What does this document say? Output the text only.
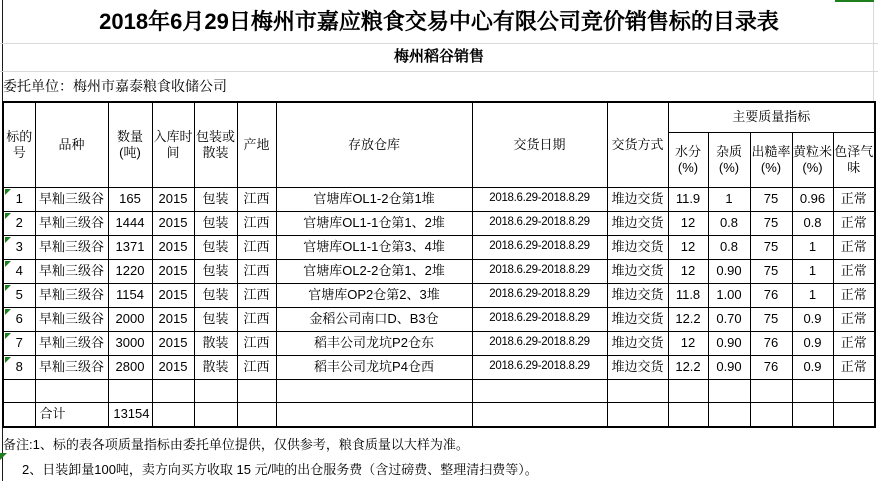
2018年6月29日梅州市嘉应粮食交易中心有限公司竞价销售标的目录表
梅州稻谷销售
委托单位：梅州市嘉泰粮食收储公司
标的号	品种	数量(吨)	入库时间	包装或散装	产地	存放仓库	交货日期	交货方式	主要质量指标				
									水分(%)	杂质(%)	出糙率(%)	黄粒米(%)	色泽气味

1	早籼三级谷	165	2015	包装	江西	官塘库OL1-2仓第1堆	2018.6.29-2018.8.29	堆边交货	11.9	1	75	0.96	正常

2	早籼三级谷	1444	2015	包装	江西	官塘库OL1-1仓第1、2堆	2018.6.29-2018.8.29	堆边交货	12	0.8	75	0.8	正常

3	早籼三级谷	1371	2015	包装	江西	官塘库OL1-1仓第3、4堆	2018.6.29-2018.8.29	堆边交货	12	0.8	75	1	正常

4	早籼三级谷	1220	2015	包装	江西	官塘库OL2-2仓第1、2堆	2018.6.29-2018.8.29	堆边交货	12	0.90	75	1	正常

5	早籼三级谷	1154	2015	包装	江西	官塘库OP2仓第2、3堆	2018.6.29-2018.8.29	堆边交货	11.8	1.00	76	1	正常

6	早籼三级谷	2000	2015	包装	江西	金稻公司南口D、B3仓	2018.6.29-2018.8.29	堆边交货	12.2	0.70	75	0.9	正常

7	早籼三级谷	3000	2015	散装	江西	稻丰公司龙坑P2仓东	2018.6.29-2018.8.29	堆边交货	12	0.90	76	0.9	正常

8	早籼三级谷	2800	2015	散装	江西	稻丰公司龙坑P4仓西	2018.6.29-2018.8.29	堆边交货	12.2	0.90	76	0.9	正常

	合计	13154											
备注:1、标的表各项质量指标由委托单位提供，仅供参考，粮食质量以大样为准。
2、日装卸量100吨，卖方向买方收取 15 元/吨的出仓服务费（含过磅费、整理清扫费等）。
